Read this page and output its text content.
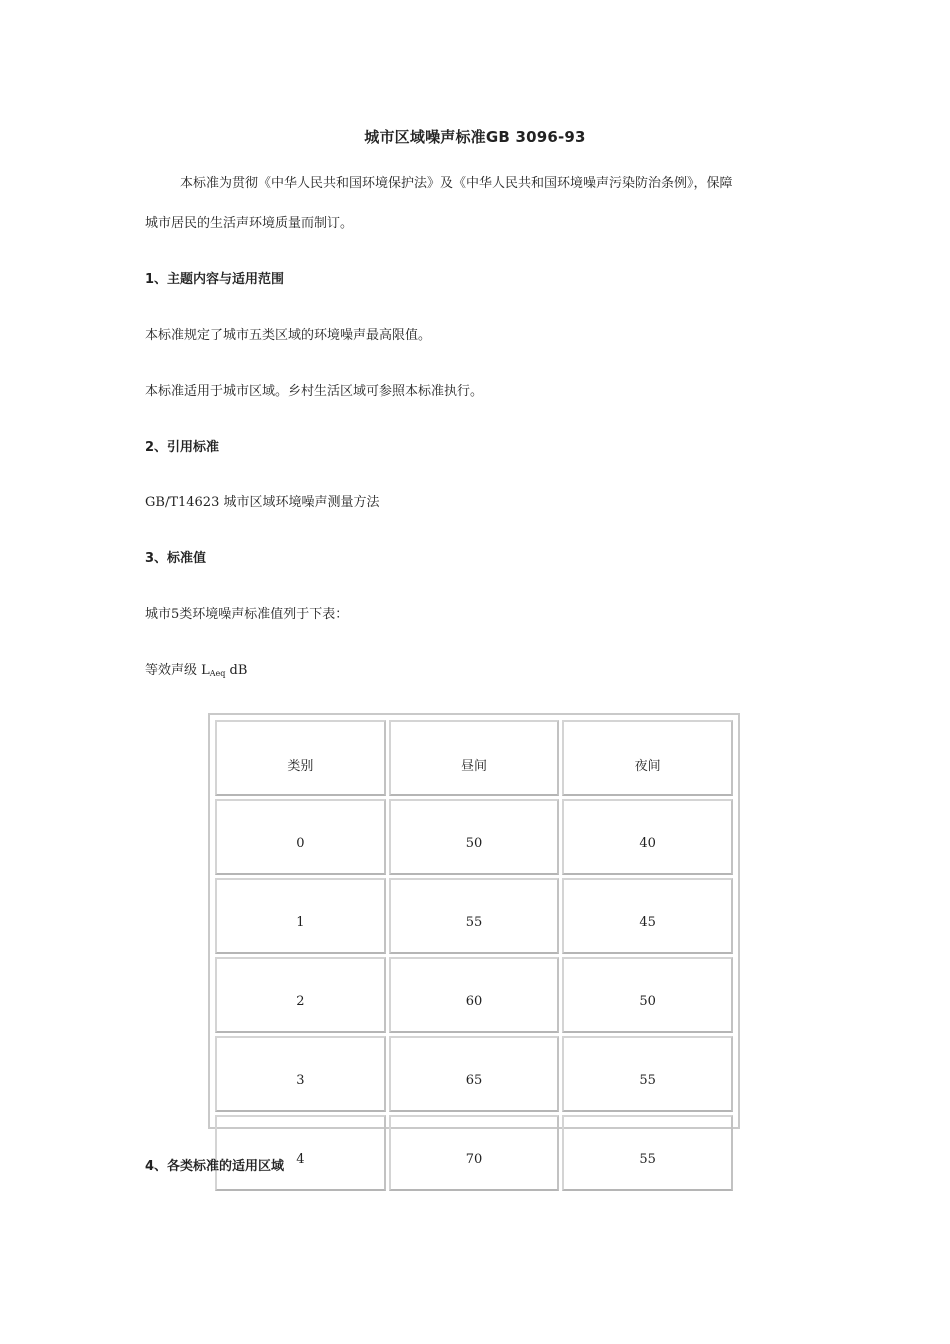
城市区域噪声标准GB 3096-93
本标准为贯彻《中华人民共和国环境保护法》及《中华人民共和国环境噪声污染防治条例》，保障
城市居民的生活声环境质量而制订。
1、主题内容与适用范围
本标准规定了城市五类区域的环境噪声最高限值。
本标准适用于城市区域。乡村生活区域可参照本标准执行。
2、引用标准
GB/T14623 城市区域环境噪声测量方法
3、标准值
城市5类环境噪声标准值列于下表：
等效声级 $L_{Aeq}$ dB
类别	昼间	夜间
0	50	40
1	55	45
2	60	50
3	65	55
4	70	55
4、各类标准的适用区域
